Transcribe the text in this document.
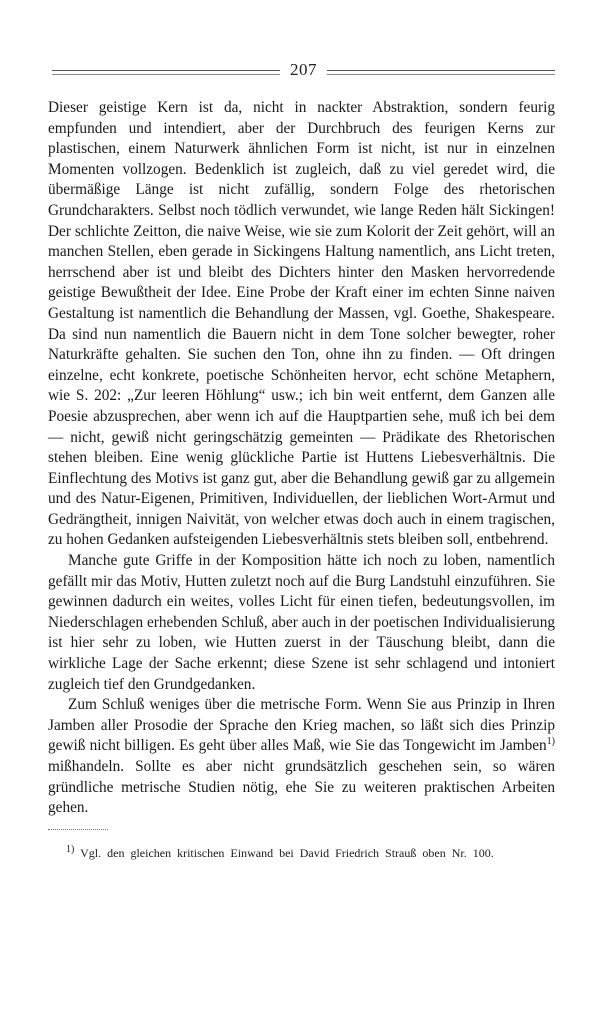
207

Dieser geistige Kern ist da, nicht in nackter Abstraktion, sondern feurig empfunden und intendiert, aber der Durchbruch des feurigen Kerns zur plastischen, einem Naturwerk ähnlichen Form ist nicht, ist nur in einzelnen Momenten vollzogen. Bedenklich ist zugleich, daß zu viel geredet wird, die übermäßige Länge ist nicht zufällig, sondern Folge des rhetorischen Grundcharakters. Selbst noch tödlich verwundet, wie lange Reden hält Sickingen! Der schlichte Zeitton, die naive Weise, wie sie zum Kolorit der Zeit gehört, will an manchen Stellen, eben gerade in Sickingens Haltung namentlich, ans Licht treten, herrschend aber ist und bleibt des Dichters hinter den Masken hervorredende geistige Bewußtheit der Idee. Eine Probe der Kraft einer im echten Sinne naiven Gestaltung ist namentlich die Behandlung der Massen, vgl. Goethe, Shakespeare. Da sind nun namentlich die Bauern nicht in dem Tone solcher bewegter, roher Naturkräfte gehalten. Sie suchen den Ton, ohne ihn zu finden. — Oft dringen einzelne, echt konkrete, poetische Schönheiten hervor, echt schöne Metaphern, wie S. 202: „Zur leeren Höhlung“ usw.; ich bin weit entfernt, dem Ganzen alle Poesie abzusprechen, aber wenn ich auf die Hauptpartien sehe, muß ich bei dem — nicht, gewiß nicht geringschätzig gemeinten — Prädikate des Rhetorischen stehen bleiben. Eine wenig glückliche Partie ist Huttens Liebesverhältnis. Die Einflechtung des Motivs ist ganz gut, aber die Behandlung gewiß gar zu allgemein und des Natur-Eigenen, Primitiven, Individuellen, der lieblichen Wort-Armut und Gedrängtheit, innigen Naivität, von welcher etwas doch auch in einem tragischen, zu hohen Gedanken aufsteigenden Liebesverhältnis stets bleiben soll, entbehrend.

Manche gute Griffe in der Komposition hätte ich noch zu loben, namentlich gefällt mir das Motiv, Hutten zuletzt noch auf die Burg Landstuhl einzuführen. Sie gewinnen dadurch ein weites, volles Licht für einen tiefen, bedeutungsvollen, im Niederschlagen erhebenden Schluß, aber auch in der poetischen Individualisierung ist hier sehr zu loben, wie Hutten zuerst in der Täuschung bleibt, dann die wirkliche Lage der Sache erkennt; diese Szene ist sehr schlagend und intoniert zugleich tief den Grundgedanken.

Zum Schluß weniges über die metrische Form. Wenn Sie aus Prinzip in Ihren Jamben aller Prosodie der Sprache den Krieg machen, so läßt sich dies Prinzip gewiß nicht billigen. Es geht über alles Maß, wie Sie das Tongewicht im Jamben$^{1)}$ mißhandeln. Sollte es aber nicht grundsätzlich geschehen sein, so wären gründliche metrische Studien nötig, ehe Sie zu weiteren praktischen Arbeiten gehen.

$^{1)}$ Vgl. den gleichen kritischen Einwand bei David Friedrich Strauß oben Nr. 100.
